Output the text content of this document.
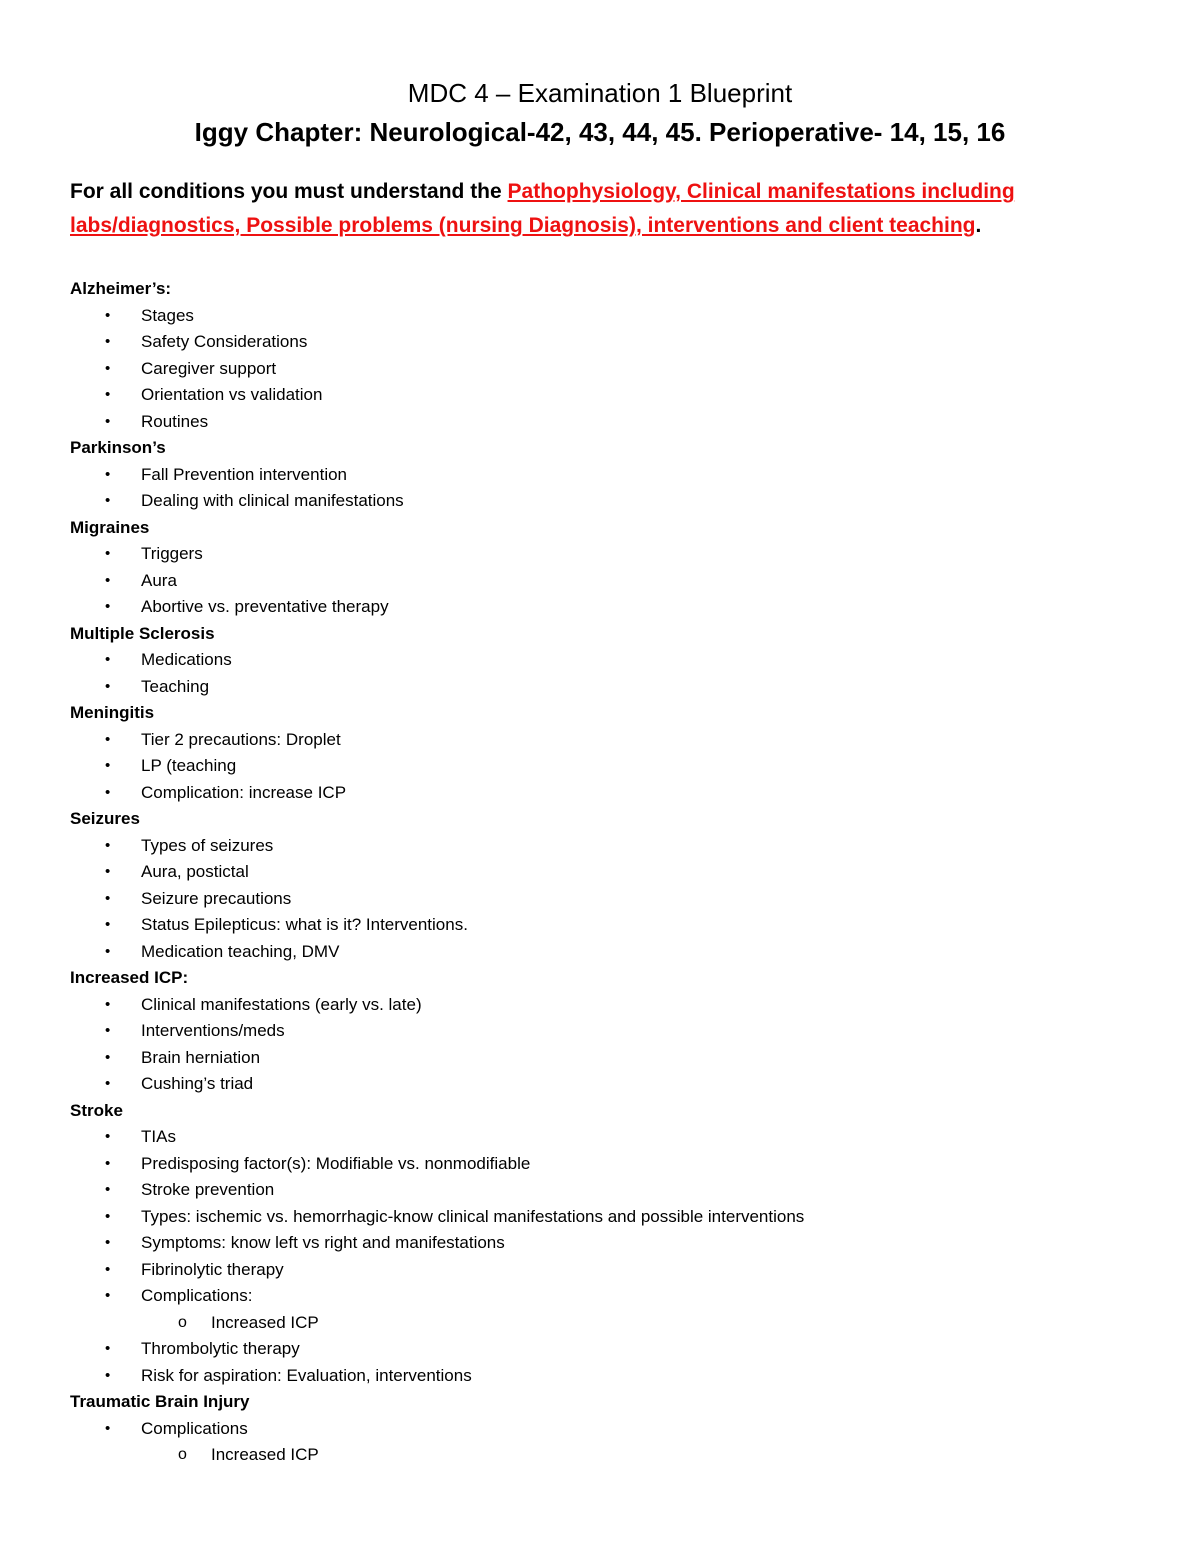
MDC 4 – Examination 1 Blueprint
Iggy Chapter: Neurological-42, 43, 44, 45. Perioperative- 14, 15, 16

For all conditions you must understand the Pathophysiology, Clinical manifestations including labs/diagnostics, Possible problems (nursing Diagnosis), interventions and client teaching.

Alzheimer’s:
• Stages
• Safety Considerations
• Caregiver support
• Orientation vs validation
• Routines
Parkinson’s
• Fall Prevention intervention
• Dealing with clinical manifestations
Migraines
• Triggers
• Aura
• Abortive vs. preventative therapy
Multiple Sclerosis
• Medications
• Teaching
Meningitis
• Tier 2 precautions: Droplet
• LP (teaching
• Complication: increase ICP
Seizures
• Types of seizures
• Aura, postictal
• Seizure precautions
• Status Epilepticus: what is it? Interventions.
• Medication teaching, DMV
Increased ICP:
• Clinical manifestations (early vs. late)
• Interventions/meds
• Brain herniation
• Cushing’s triad
Stroke
• TIAs
• Predisposing factor(s): Modifiable vs. nonmodifiable
• Stroke prevention
• Types: ischemic vs. hemorrhagic-know clinical manifestations and possible interventions
• Symptoms: know left vs right and manifestations
• Fibrinolytic therapy
• Complications:
o Increased ICP
• Thrombolytic therapy
• Risk for aspiration: Evaluation, interventions
Traumatic Brain Injury
• Complications
o Increased ICP
